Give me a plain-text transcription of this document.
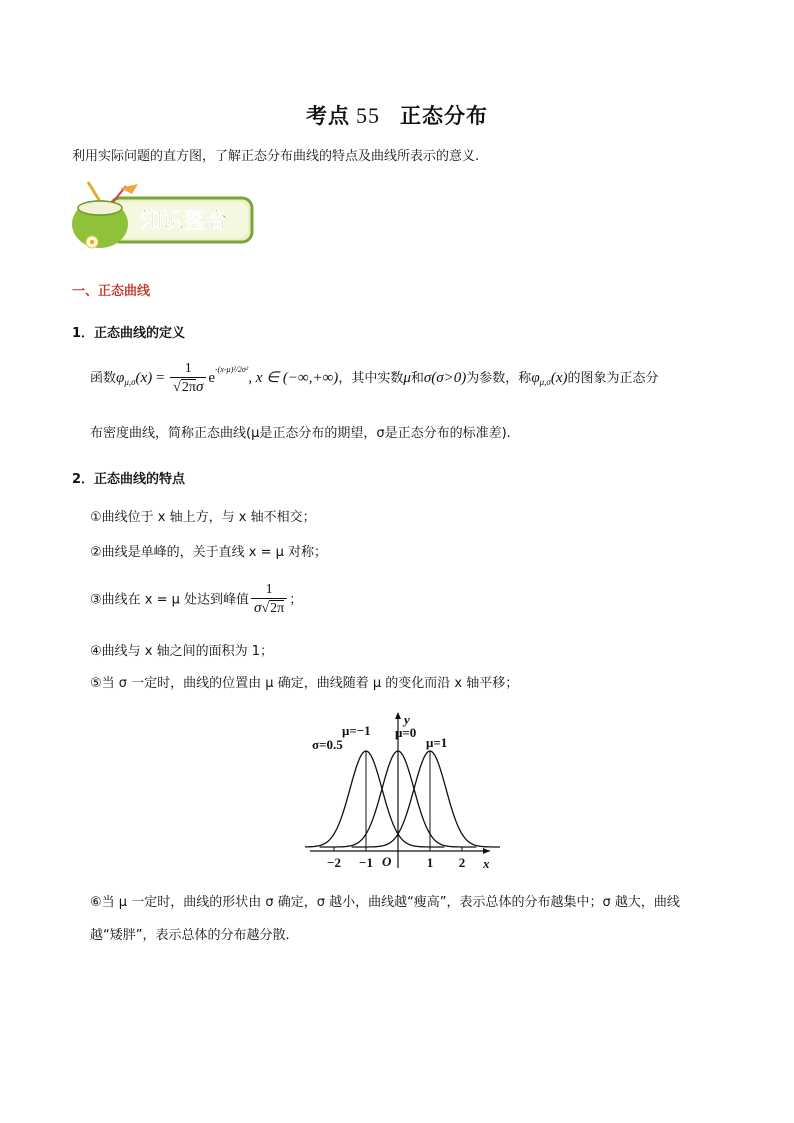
考点 55 正态分布
利用实际问题的直方图，了解正态分布曲线的特点及曲线所表示的意义.
知识整合
一、正态曲线
1．正态曲线的定义
函数$\varphi_{\mu,\sigma}(x) = \frac{1}{√2\pi\sigma} e^{-(x-\mu)^2/2\sigma^2}$, x ∈ (−∞,+∞)，其中实数μ和σ(σ>0)为参数，称$\varphi_{\mu,\sigma}(x)$的图象为正态分
布密度曲线，简称正态曲线(μ是正态分布的期望，σ是正态分布的标准差).
2．正态曲线的特点
①曲线位于 x 轴上方，与 x 轴不相交；
②曲线是单峰的，关于直线 x = μ 对称；
③曲线在 x = μ 处达到峰值 $\frac{1}{\sigma√2\pi}$ ；
④曲线与 x 轴之间的面积为 1；
⑤当 σ 一定时，曲线的位置由 μ 确定，曲线随着 μ 的变化而沿 x 轴平移；
−2 −1	1 2 x
y
O
σ=0.5
μ=−1 μ=0
μ=1
⑥当 μ 一定时，曲线的形状由 σ 确定，σ 越小，曲线越“瘦高”，表示总体的分布越集中；σ 越大，曲线
越“矮胖”，表示总体的分布越分散.
